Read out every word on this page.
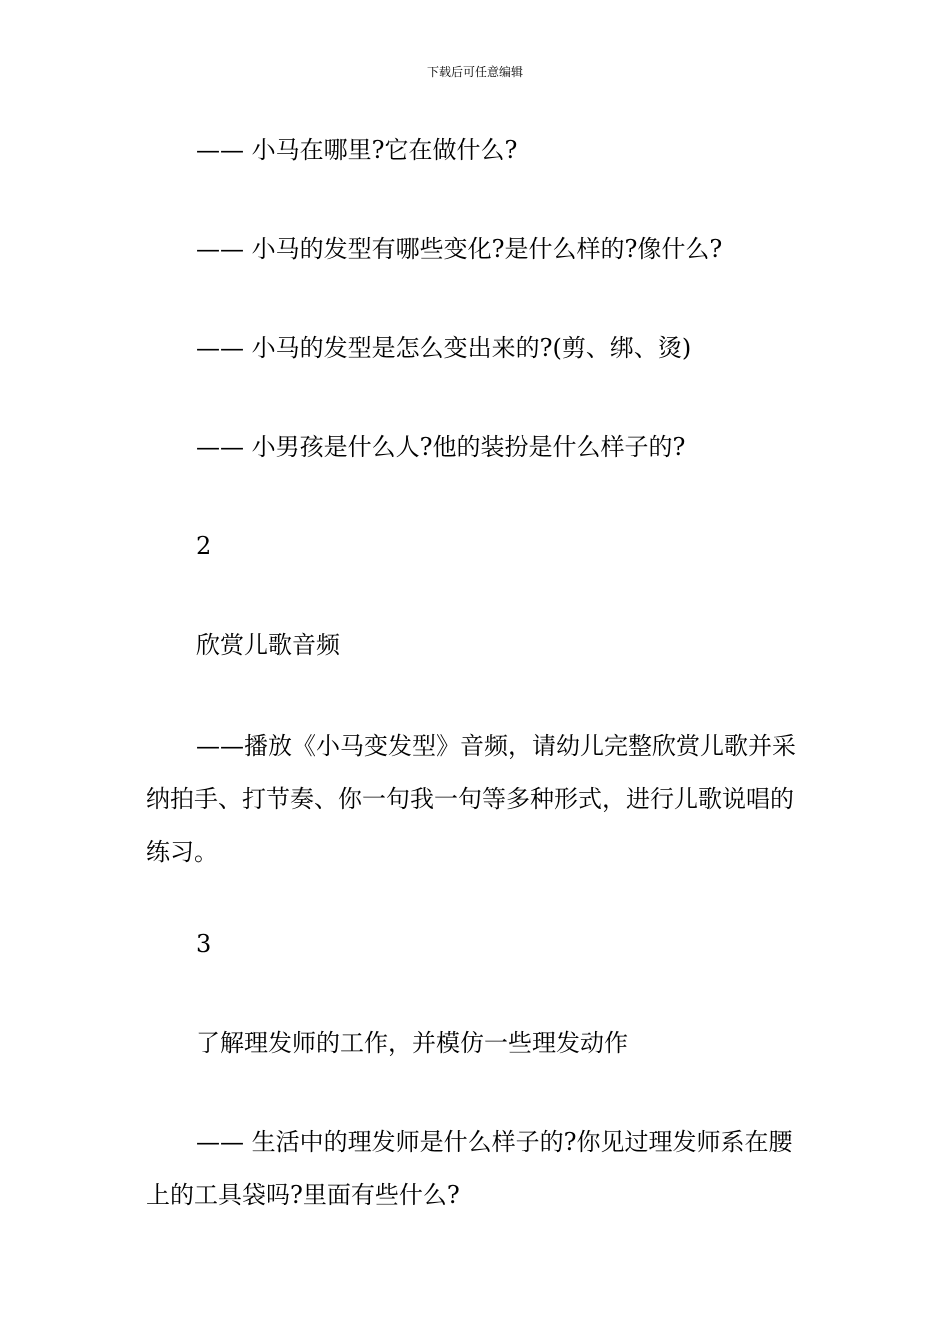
下载后可任意编辑
—— 小马在哪里?它在做什么?
—— 小马的发型有哪些变化?是什么样的?像什么?
—— 小马的发型是怎么变出来的?(剪、绑、烫)
—— 小男孩是什么人?他的装扮是什么样子的?
2
欣赏儿歌音频
——播放《小马变发型》音频，请幼儿完整欣赏儿歌并采纳拍手、打节奏、你一句我一句等多种形式，进行儿歌说唱的练习。
3
了解理发师的工作，并模仿一些理发动作
—— 生活中的理发师是什么样子的?你见过理发师系在腰上的工具袋吗?里面有些什么?
